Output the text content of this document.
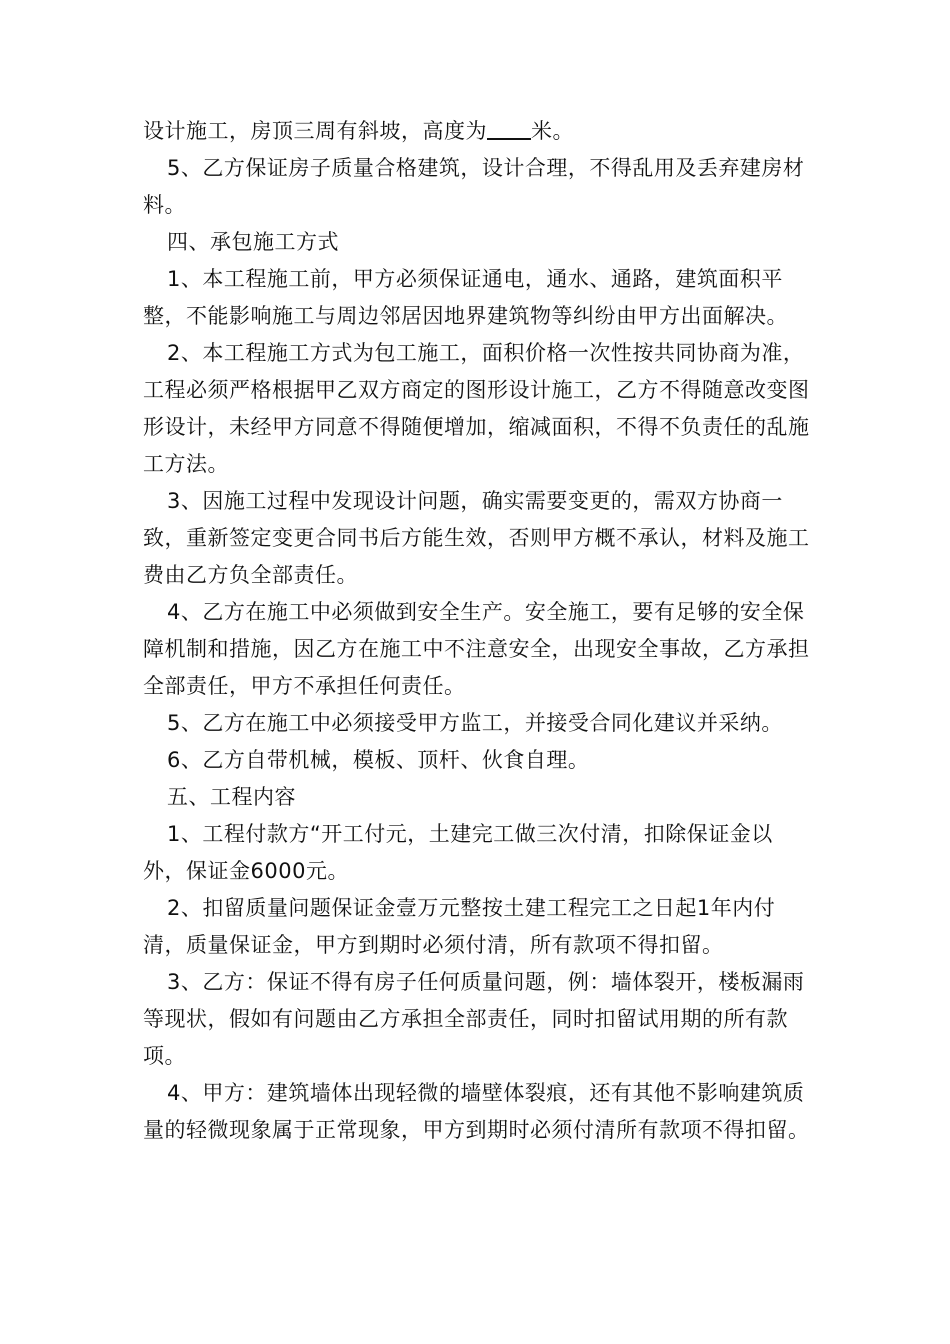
设计施工，房顶三周有斜坡，高度为 米。

5、乙方保证房子质量合格建筑，设计合理，不得乱用及丢弃建房材料。

四、承包施工方式

1、本工程施工前，甲方必须保证通电，通水、通路，建筑面积平整，不能影响施工与周边邻居因地界建筑物等纠纷由甲方出面解决。

2、本工程施工方式为包工施工，面积价格一次性按共同协商为准，工程必须严格根据甲乙双方商定的图形设计施工，乙方不得随意改变图形设计，未经甲方同意不得随便增加，缩减面积，不得不负责任的乱施工方法。

3、因施工过程中发现设计问题，确实需要变更的，需双方协商一致，重新签定变更合同书后方能生效，否则甲方概不承认，材料及施工费由乙方负全部责任。

4、乙方在施工中必须做到安全生产。安全施工，要有足够的安全保障机制和措施，因乙方在施工中不注意安全，出现安全事故，乙方承担全部责任，甲方不承担任何责任。

5、乙方在施工中必须接受甲方监工，并接受合同化建议并采纳。

6、乙方自带机械，模板、顶杆、伙食自理。

五、工程内容

1、工程付款方“开工付元，土建完工做三次付清，扣除保证金以外，保证金6000元。

2、扣留质量问题保证金壹万元整按土建工程完工之日起1年内付清，质量保证金，甲方到期时必须付清，所有款项不得扣留。

3、乙方：保证不得有房子任何质量问题，例：墙体裂开，楼板漏雨等现状，假如有问题由乙方承担全部责任，同时扣留试用期的所有款项。

4、甲方：建筑墙体出现轻微的墙壁体裂痕，还有其他不影响建筑质量的轻微现象属于正常现象，甲方到期时必须付清所有款项不得扣留。
